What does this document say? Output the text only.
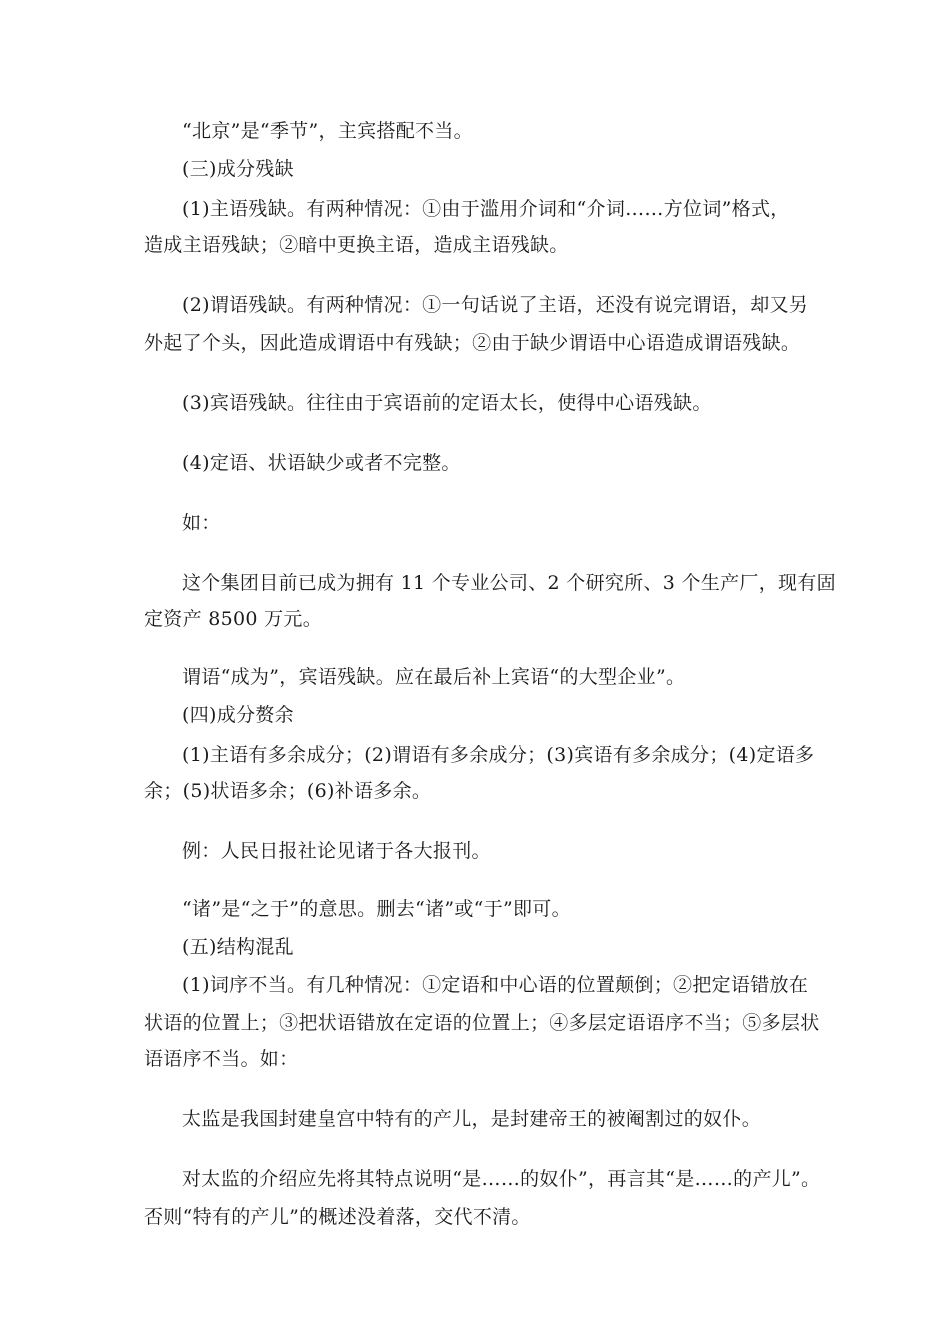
“北京”是“季节”，主宾搭配不当。
(三)成分残缺
(1)主语残缺。有两种情况：①由于滥用介词和“介词……方位词”格式，
造成主语残缺；②暗中更换主语，造成主语残缺。
(2)谓语残缺。有两种情况：①一句话说了主语，还没有说完谓语，却又另
外起了个头，因此造成谓语中有残缺；②由于缺少谓语中心语造成谓语残缺。
(3)宾语残缺。往往由于宾语前的定语太长，使得中心语残缺。
(4)定语、状语缺少或者不完整。
如：
这个集团目前已成为拥有 11 个专业公司、2 个研究所、3 个生产厂，现有固
定资产 8500 万元。
谓语“成为”，宾语残缺。应在最后补上宾语“的大型企业”。
(四)成分赘余
(1)主语有多余成分；(2)谓语有多余成分；(3)宾语有多余成分；(4)定语多
余；(5)状语多余；(6)补语多余。
例：人民日报社论见诸于各大报刊。
“诸”是“之于”的意思。删去“诸”或“于”即可。
(五)结构混乱
(1)词序不当。有几种情况：①定语和中心语的位置颠倒；②把定语错放在
状语的位置上；③把状语错放在定语的位置上；④多层定语语序不当；⑤多层状
语语序不当。如：
太监是我国封建皇宫中特有的产儿，是封建帝王的被阉割过的奴仆。
对太监的介绍应先将其特点说明“是……的奴仆”，再言其“是……的产儿”。
否则“特有的产儿”的概述没着落，交代不清。
